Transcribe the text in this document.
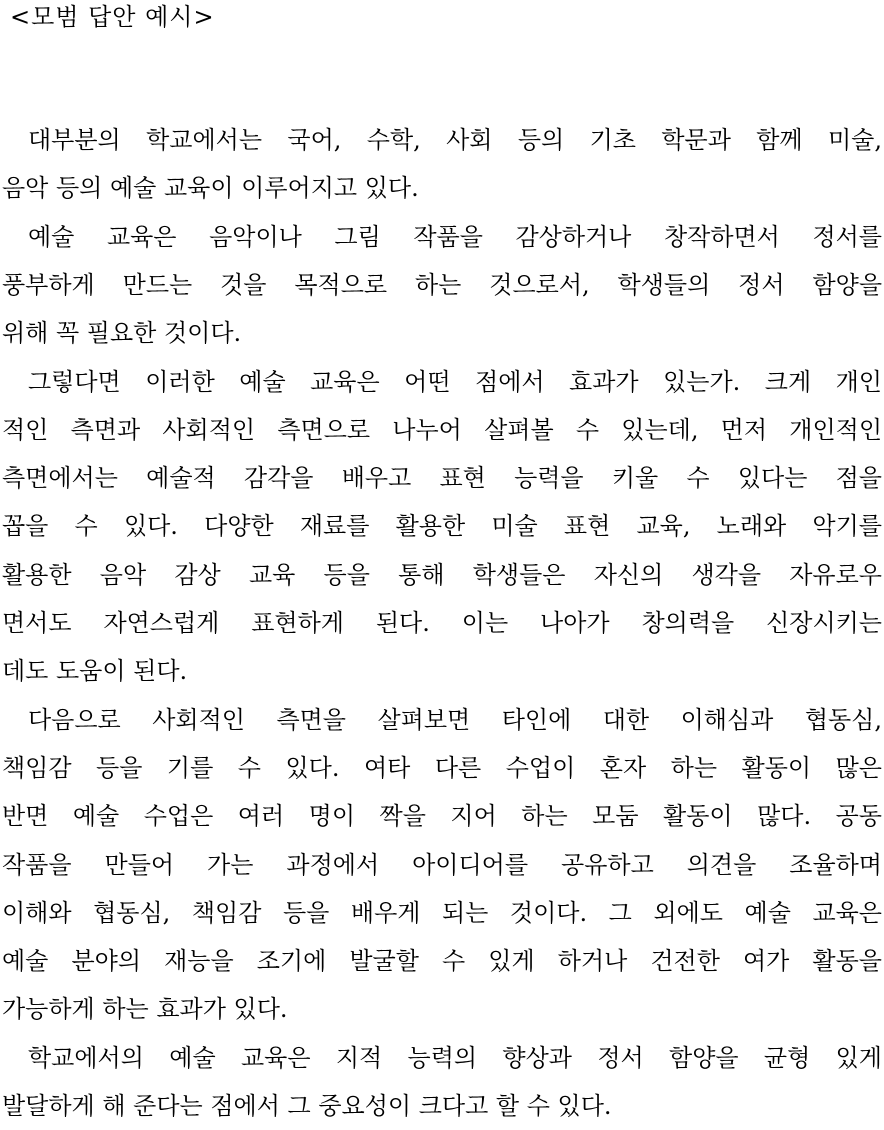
<모범 답안 예시>
대부분의 학교에서는 국어, 수학, 사회 등의 기초 학문과 함께 미술,
음악 등의 예술 교육이 이루어지고 있다.
예술 교육은 음악이나 그림 작품을 감상하거나 창작하면서 정서를
풍부하게 만드는 것을 목적으로 하는 것으로서, 학생들의 정서 함양을
위해 꼭 필요한 것이다.
그렇다면 이러한 예술 교육은 어떤 점에서 효과가 있는가. 크게 개인
적인 측면과 사회적인 측면으로 나누어 살펴볼 수 있는데, 먼저 개인적인
측면에서는 예술적 감각을 배우고 표현 능력을 키울 수 있다는 점을
꼽을 수 있다. 다양한 재료를 활용한 미술 표현 교육, 노래와 악기를
활용한 음악 감상 교육 등을 통해 학생들은 자신의 생각을 자유로우
면서도 자연스럽게 표현하게 된다. 이는 나아가 창의력을 신장시키는
데도 도움이 된다.
다음으로 사회적인 측면을 살펴보면 타인에 대한 이해심과 협동심,
책임감 등을 기를 수 있다. 여타 다른 수업이 혼자 하는 활동이 많은
반면 예술 수업은 여러 명이 짝을 지어 하는 모둠 활동이 많다. 공동
작품을 만들어 가는 과정에서 아이디어를 공유하고 의견을 조율하며
이해와 협동심, 책임감 등을 배우게 되는 것이다. 그 외에도 예술 교육은
예술 분야의 재능을 조기에 발굴할 수 있게 하거나 건전한 여가 활동을
가능하게 하는 효과가 있다.
학교에서의 예술 교육은 지적 능력의 향상과 정서 함양을 균형 있게
발달하게 해 준다는 점에서 그 중요성이 크다고 할 수 있다.
